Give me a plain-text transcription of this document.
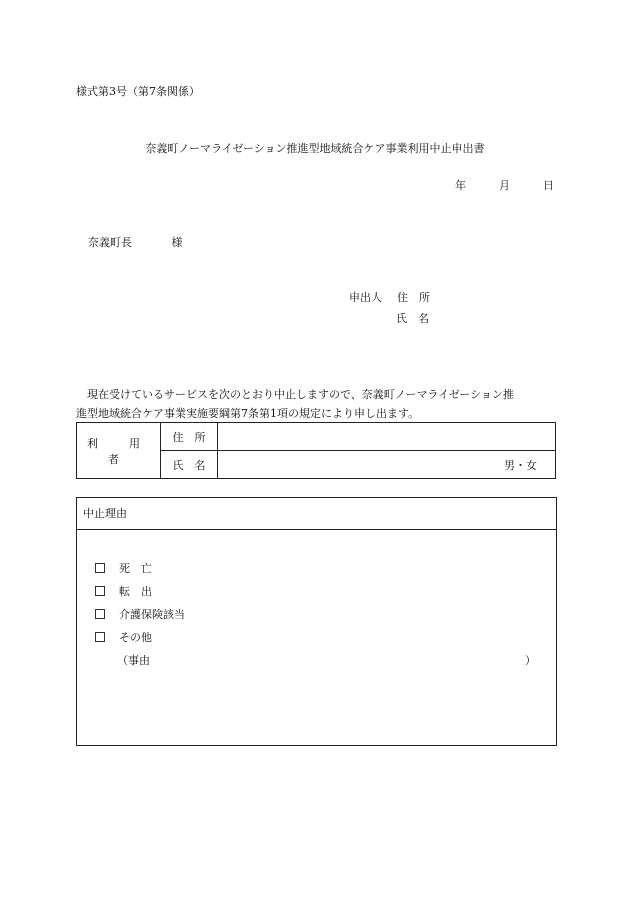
様式第3号（第7条関係）
奈義町ノーマライゼーション推進型地域統合ケア事業利用中止申出書
年	月	日
奈義町長	様
申出人 住　所
氏　名

現在受けているサービスを次のとおり中止しますので、奈義町ノーマライゼーション推

進型地域統合ケア事業実施要綱第7条第1項の規定により申し出ます。

利　用　者	住　所	
	氏　名	男・女
中止理由
死　亡
転　出
介護保険該当
その他
（事由	）
